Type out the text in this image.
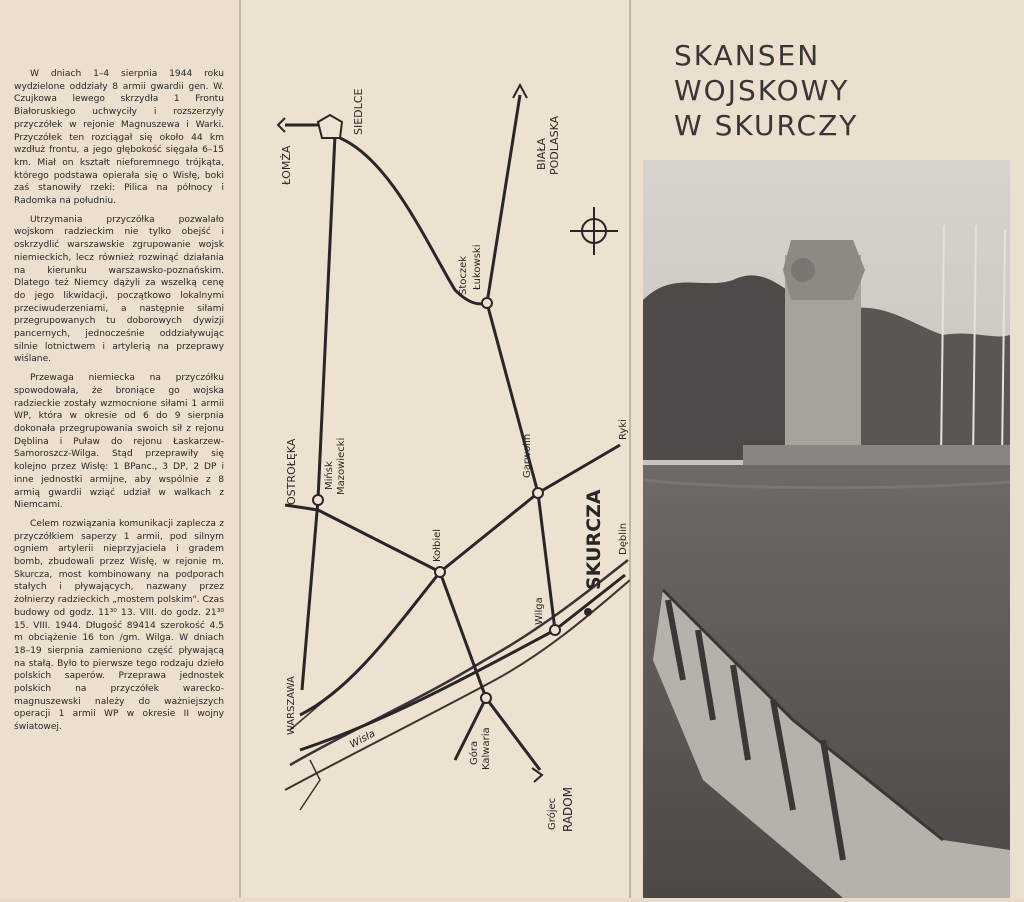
W dniach 1–4 sierpnia 1944 roku wydzielone oddziały 8 armii gwardii gen. W. Czujkowa lewego skrzydła 1 Frontu Białoruskiego uchwyciły i rozszerzyły przyczółek w rejonie Magnuszewa i Warki. Przyczółek ten rozciągał się około 44 km wzdłuż frontu, a jego głębokość sięgała 6–15 km. Miał on kształt nieforemnego trójkąta, którego podstawa opierała się o Wisłę, boki zaś stanowiły rzeki: Pilica na północy i Radomka na południu.

Utrzymania przyczółka pozwalało wojskom radzieckim nie tylko obejść i oskrzydlić warszawskie zgrupowanie wojsk niemieckich, lecz również rozwinąć działania na kierunku warszawsko-poznańskim. Dlatego też Niemcy dążyli za wszelką cenę do jego likwidacji, początkowo lokalnymi przeciwuderzeniami, a następnie siłami przegrupowanych tu doborowych dywizji pancernych, jednocześnie oddziaływując silnie lotnictwem i artylerią na przeprawy wiślane.

Przewaga niemiecka na przyczółku spowodowała, że broniące go wojska radzieckie zostały wzmocnione siłami 1 armii WP, która w okresie od 6 do 9 sierpnia dokonała przegrupowania swoich sił z rejonu Dęblina i Puław do rejonu Łaskarzew-Samoroszcz-Wilga. Stąd przeprawiły się kolejno przez Wisłę: 1 BPanc., 3 DP, 2 DP i inne jednostki armijne, aby wspólnie z 8 armią gwardii wziąć udział w walkach z Niemcami.

Celem rozwiązania komunikacji zaplecza z przyczółkiem saperzy 1 armii, pod silnym ogniem artylerii nieprzyjaciela i gradem bomb, zbudowali przez Wisłę, w rejonie m. Skurcza, most kombinowany na podporach stałych i pływających, nazwany przez żołnierzy radzieckich „mostem polskim". Czas budowy od godz. 11³⁰ 13. VIII. do godz. 21³⁰ 15. VIII. 1944. Długość 89414 szerokość 4.5 m obciążenie 16 ton /gm. Wilga. W dniach 18–19 sierpnia zamieniono część pływającą na stałą. Było to pierwsze tego rodzaju dzieło polskich saperów. Przeprawa jednostek polskich na przyczółek warecko-magnuszewski należy do ważniejszych operacji 1 armii WP w okresie II wojny światowej.

ŁOMŻA
SIEDLCE
BIAŁA PODLASKA
Stoczek Łukowski
OSTROŁĘKA	Mińsk Mazowiecki	Garwolin
Ryki
Dęblin
Kołbiel	SKURCZA
Wilga
WARSZAWA
Wisła
Góra Kalwaria
Grójec RADOM
SKANSEN
WOJSKOWY
W SKURCZY
